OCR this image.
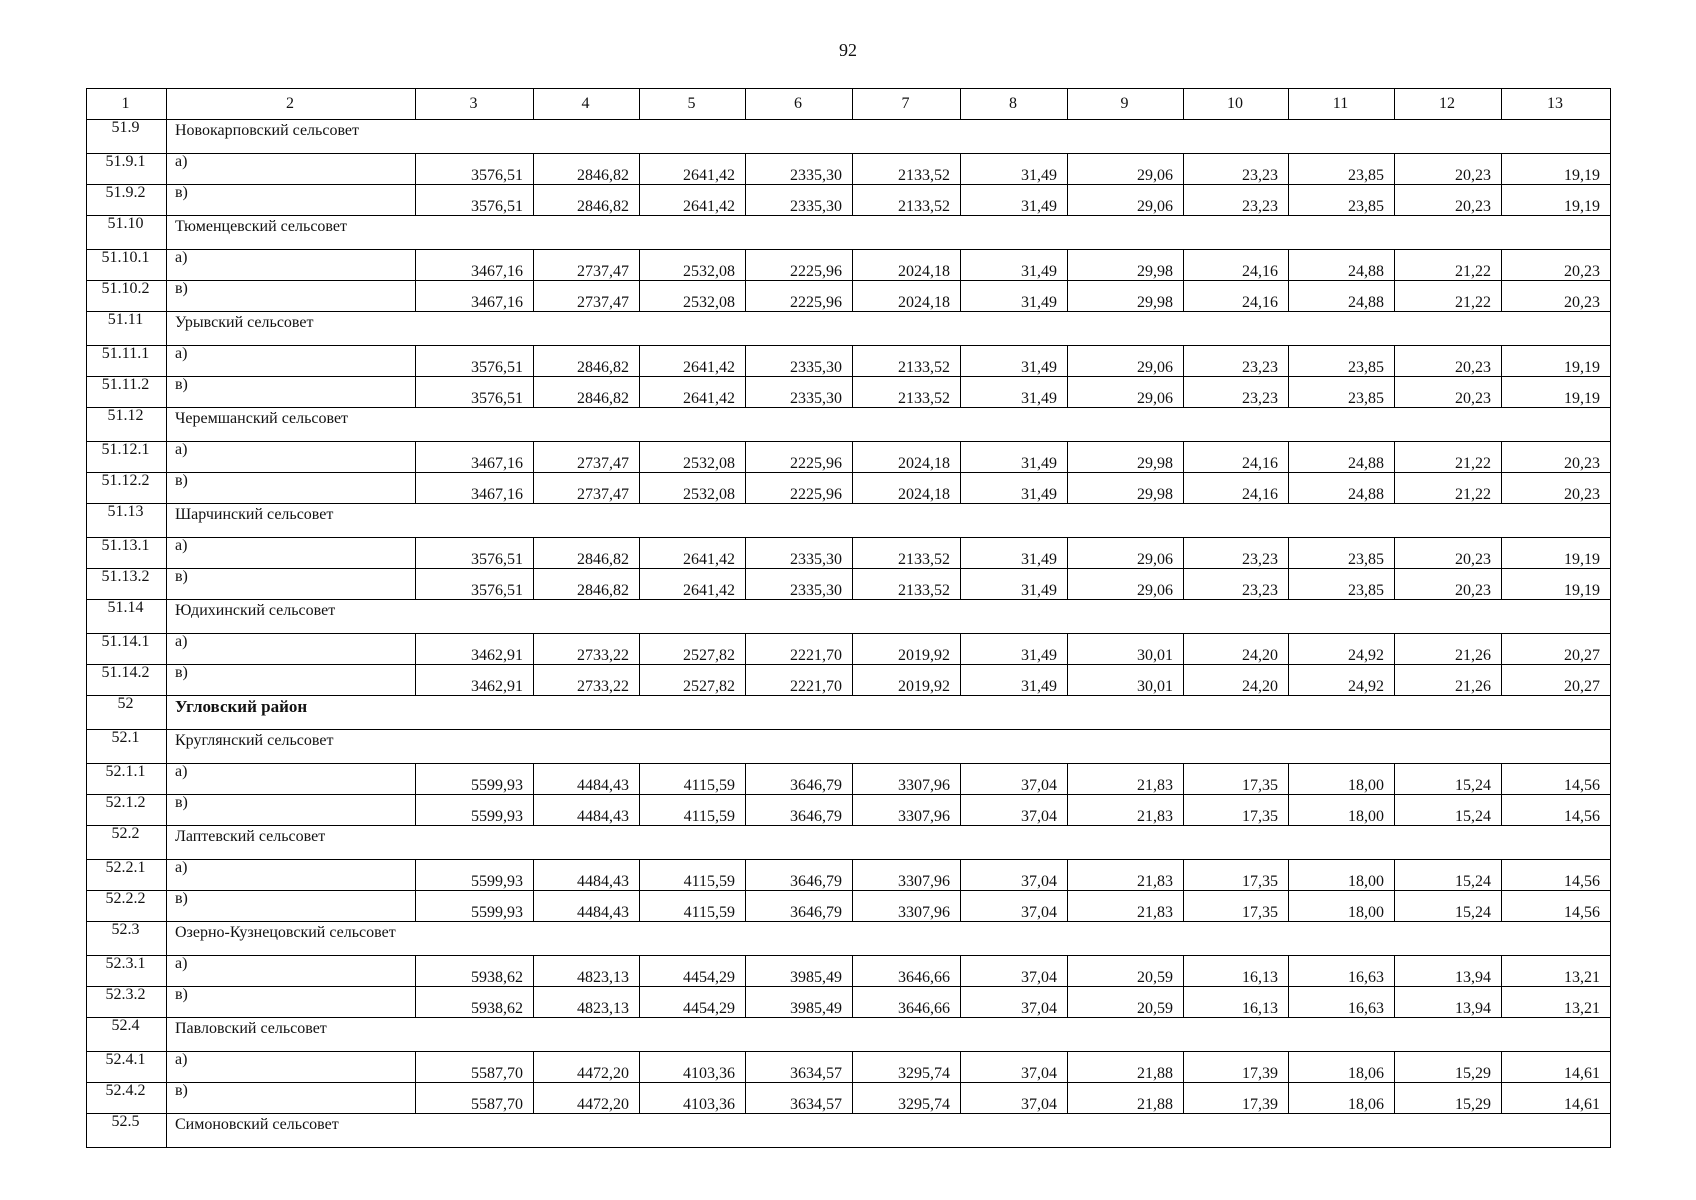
92
1	2	3	4	5	6	7	8	9	10	11	12	13
51.9	Новокарповский сельсовет											
51.9.1	а)	3576,51	2846,82	2641,42	2335,30	2133,52	31,49	29,06	23,23	23,85	20,23	19,19
51.9.2	в)	3576,51	2846,82	2641,42	2335,30	2133,52	31,49	29,06	23,23	23,85	20,23	19,19
51.10	Тюменцевский сельсовет											
51.10.1	а)	3467,16	2737,47	2532,08	2225,96	2024,18	31,49	29,98	24,16	24,88	21,22	20,23
51.10.2	в)	3467,16	2737,47	2532,08	2225,96	2024,18	31,49	29,98	24,16	24,88	21,22	20,23
51.11	Урывский сельсовет											
51.11.1	а)	3576,51	2846,82	2641,42	2335,30	2133,52	31,49	29,06	23,23	23,85	20,23	19,19
51.11.2	в)	3576,51	2846,82	2641,42	2335,30	2133,52	31,49	29,06	23,23	23,85	20,23	19,19
51.12	Черемшанский сельсовет											
51.12.1	а)	3467,16	2737,47	2532,08	2225,96	2024,18	31,49	29,98	24,16	24,88	21,22	20,23
51.12.2	в)	3467,16	2737,47	2532,08	2225,96	2024,18	31,49	29,98	24,16	24,88	21,22	20,23
51.13	Шарчинский сельсовет											
51.13.1	а)	3576,51	2846,82	2641,42	2335,30	2133,52	31,49	29,06	23,23	23,85	20,23	19,19
51.13.2	в)	3576,51	2846,82	2641,42	2335,30	2133,52	31,49	29,06	23,23	23,85	20,23	19,19
51.14	Юдихинский сельсовет											
51.14.1	а)	3462,91	2733,22	2527,82	2221,70	2019,92	31,49	30,01	24,20	24,92	21,26	20,27
51.14.2	в)	3462,91	2733,22	2527,82	2221,70	2019,92	31,49	30,01	24,20	24,92	21,26	20,27
52	Угловский район											
52.1	Круглянский сельсовет											
52.1.1	а)	5599,93	4484,43	4115,59	3646,79	3307,96	37,04	21,83	17,35	18,00	15,24	14,56
52.1.2	в)	5599,93	4484,43	4115,59	3646,79	3307,96	37,04	21,83	17,35	18,00	15,24	14,56
52.2	Лаптевский сельсовет											
52.2.1	а)	5599,93	4484,43	4115,59	3646,79	3307,96	37,04	21,83	17,35	18,00	15,24	14,56
52.2.2	в)	5599,93	4484,43	4115,59	3646,79	3307,96	37,04	21,83	17,35	18,00	15,24	14,56
52.3	Озерно-Кузнецовский сельсовет											
52.3.1	а)	5938,62	4823,13	4454,29	3985,49	3646,66	37,04	20,59	16,13	16,63	13,94	13,21
52.3.2	в)	5938,62	4823,13	4454,29	3985,49	3646,66	37,04	20,59	16,13	16,63	13,94	13,21
52.4	Павловский сельсовет											
52.4.1	а)	5587,70	4472,20	4103,36	3634,57	3295,74	37,04	21,88	17,39	18,06	15,29	14,61
52.4.2	в)	5587,70	4472,20	4103,36	3634,57	3295,74	37,04	21,88	17,39	18,06	15,29	14,61
52.5	Симоновский сельсовет											
